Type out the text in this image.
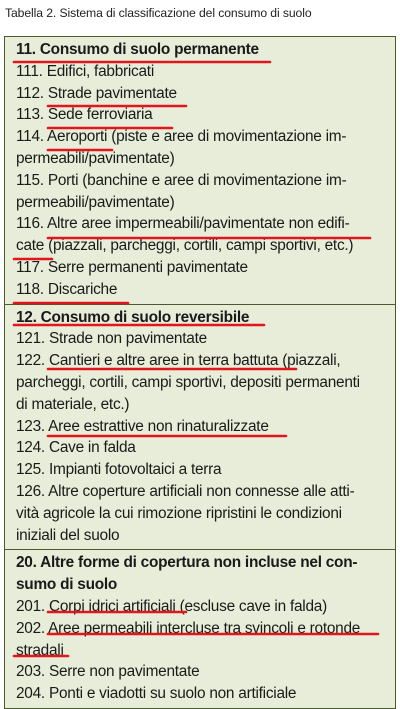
Tabella 2. Sistema di classificazione del consumo di suolo
11. Consumo di suolo permanente
111. Edifici, fabbricati
112. Strade pavimentate
113. Sede ferroviaria
114. Aeroporti (piste e aree di movimentazione im-
permeabili/pavimentate)
115. Porti (banchine e aree di movimentazione im-
permeabili/pavimentate)
116. Altre aree impermeabili/pavimentate non edifi-
cate (piazzali, parcheggi, cortili, campi sportivi, etc.)
117. Serre permanenti pavimentate
118. Discariche
12. Consumo di suolo reversibile
121. Strade non pavimentate
122. Cantieri e altre aree in terra battuta (piazzali,
parcheggi, cortili, campi sportivi, depositi permanenti
di materiale, etc.)
123. Aree estrattive non rinaturalizzate
124. Cave in falda
125. Impianti fotovoltaici a terra
126. Altre coperture artificiali non connesse alle atti-
vità agricole la cui rimozione ripristini le condizioni
iniziali del suolo
20. Altre forme di copertura non incluse nel con-
sumo di suolo
201. Corpi idrici artificiali (escluse cave in falda)
202. Aree permeabili intercluse tra svincoli e rotonde
stradali
203. Serre non pavimentate
204. Ponti e viadotti su suolo non artificiale
